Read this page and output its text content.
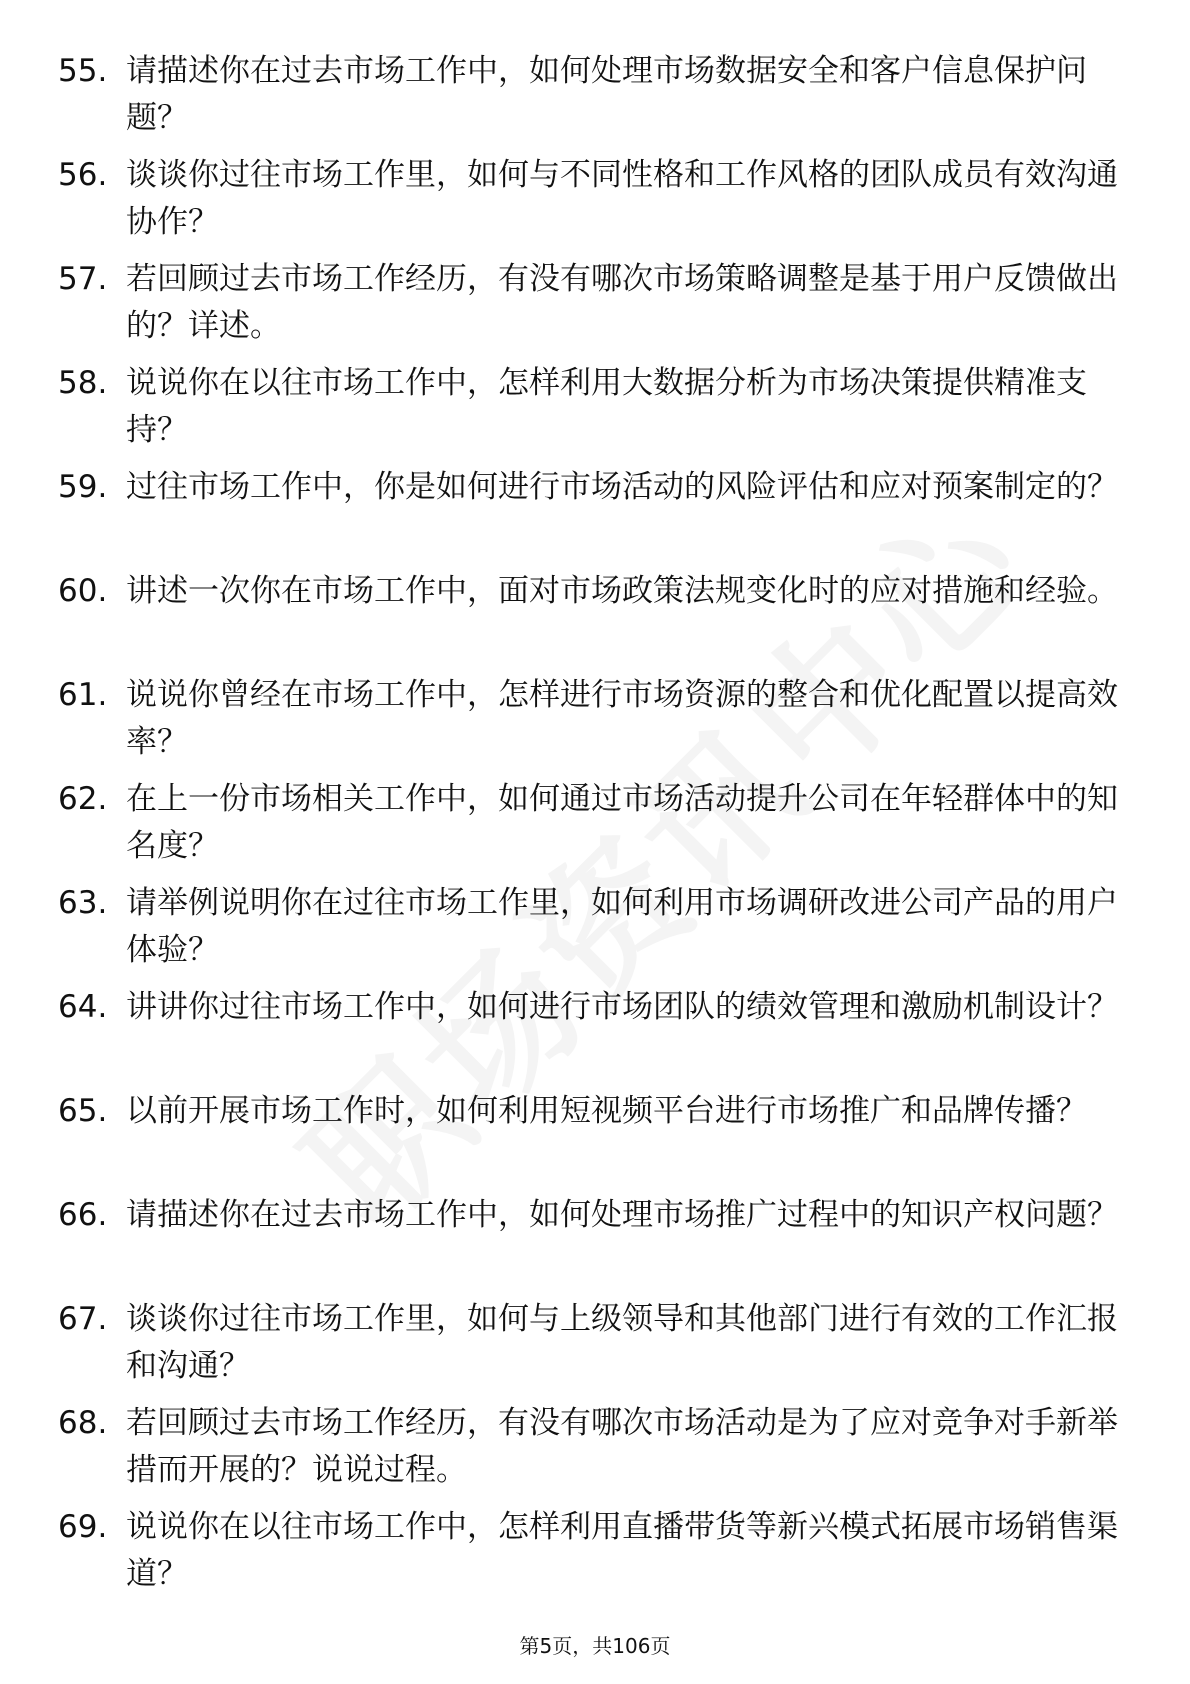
55. 请描述你在过去市场工作中，如何处理市场数据安全和客户信息保护问题？
56. 谈谈你过往市场工作里，如何与不同性格和工作风格的团队成员有效沟通协作？
57. 若回顾过去市场工作经历，有没有哪次市场策略调整是基于用户反馈做出的？详述。
58. 说说你在以往市场工作中，怎样利用大数据分析为市场决策提供精准支持？
59. 过往市场工作中，你是如何进行市场活动的风险评估和应对预案制定的？
60. 讲述一次你在市场工作中，面对市场政策法规变化时的应对措施和经验。
61. 说说你曾经在市场工作中，怎样进行市场资源的整合和优化配置以提高效率？
62. 在上一份市场相关工作中，如何通过市场活动提升公司在年轻群体中的知名度？
63. 请举例说明你在过往市场工作里，如何利用市场调研改进公司产品的用户体验？
64. 讲讲你过往市场工作中，如何进行市场团队的绩效管理和激励机制设计？
65. 以前开展市场工作时，如何利用短视频平台进行市场推广和品牌传播？
66. 请描述你在过去市场工作中，如何处理市场推广过程中的知识产权问题？
67. 谈谈你过往市场工作里，如何与上级领导和其他部门进行有效的工作汇报和沟通？
68. 若回顾过去市场工作经历，有没有哪次市场活动是为了应对竞争对手新举措而开展的？说说过程。
69. 说说你在以往市场工作中，怎样利用直播带货等新兴模式拓展市场销售渠道？
第5页，共106页
